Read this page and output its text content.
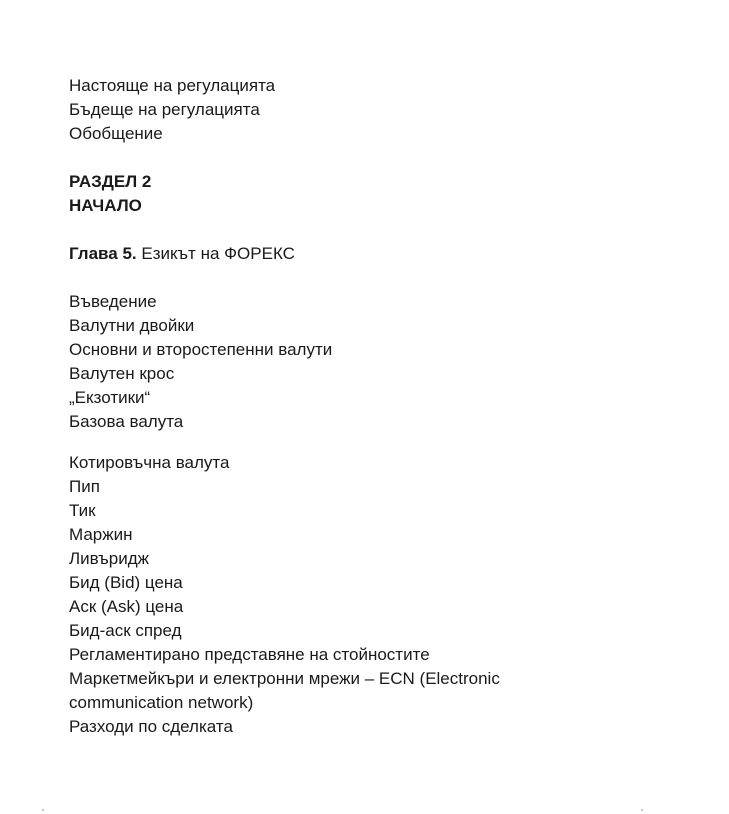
Настояще на регулацията
Бъдеще на регулацията
Обобщение
РАЗДЕЛ 2
НАЧАЛО
Глава 5. Езикът на ФОРЕКС
Въведение
Валутни двойки
Основни и второстепенни валути
Валутен крос
„Екзотики“
Базова валута
Котировъчна валута
Пип
Тик
Маржин
Ливъридж
Бид (Bid) цена
Аск (Ask) цена
Бид-аск спред
Регламентирано представяне на стойностите
Маркетмейкъри и електронни мрежи – ECN (Electronic communication network)
Разходи по сделката
